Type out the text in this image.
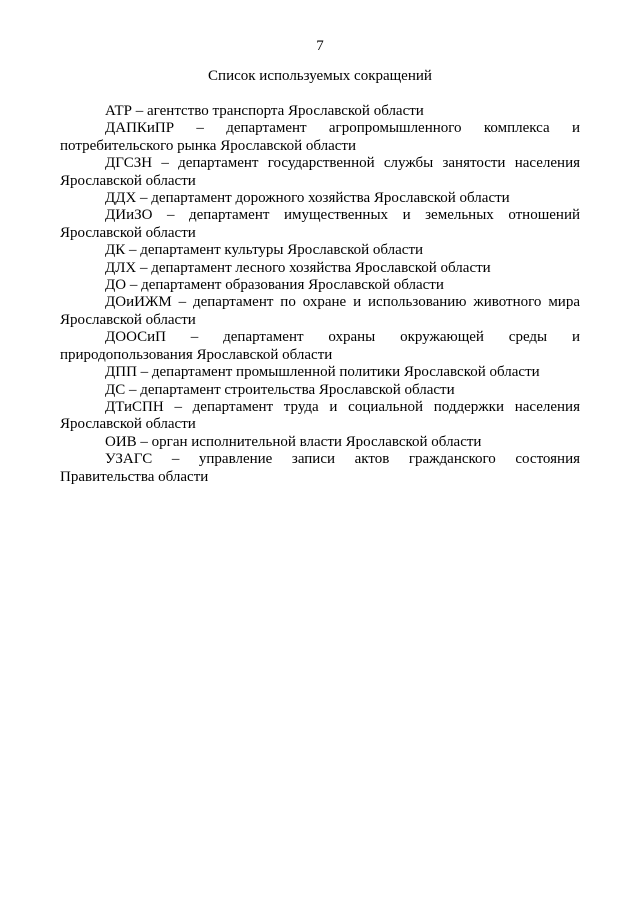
7
Список используемых сокращений

АТР – агентство транспорта Ярославской области

ДАПКиПР – департамент агропромышленного комплекса и потребительского рынка Ярославской области

ДГСЗН – департамент государственной службы занятости населения Ярославской области

ДДХ – департамент дорожного хозяйства Ярославской области

ДИиЗО – департамент имущественных и земельных отношений Ярославской области

ДК – департамент культуры Ярославской области

ДЛХ – департамент лесного хозяйства Ярославской области

ДО – департамент образования Ярославской области

ДОиИЖМ – департамент по охране и использованию животного мира Ярославской области

ДООСиП – департамент охраны окружающей среды и природопользования Ярославской области

ДПП – департамент промышленной политики Ярославской области

ДС – департамент строительства Ярославской области

ДТиСПН – департамент труда и социальной поддержки населения Ярославской области

ОИВ – орган исполнительной власти Ярославской области

УЗАГС – управление записи актов гражданского состояния Правительства области
